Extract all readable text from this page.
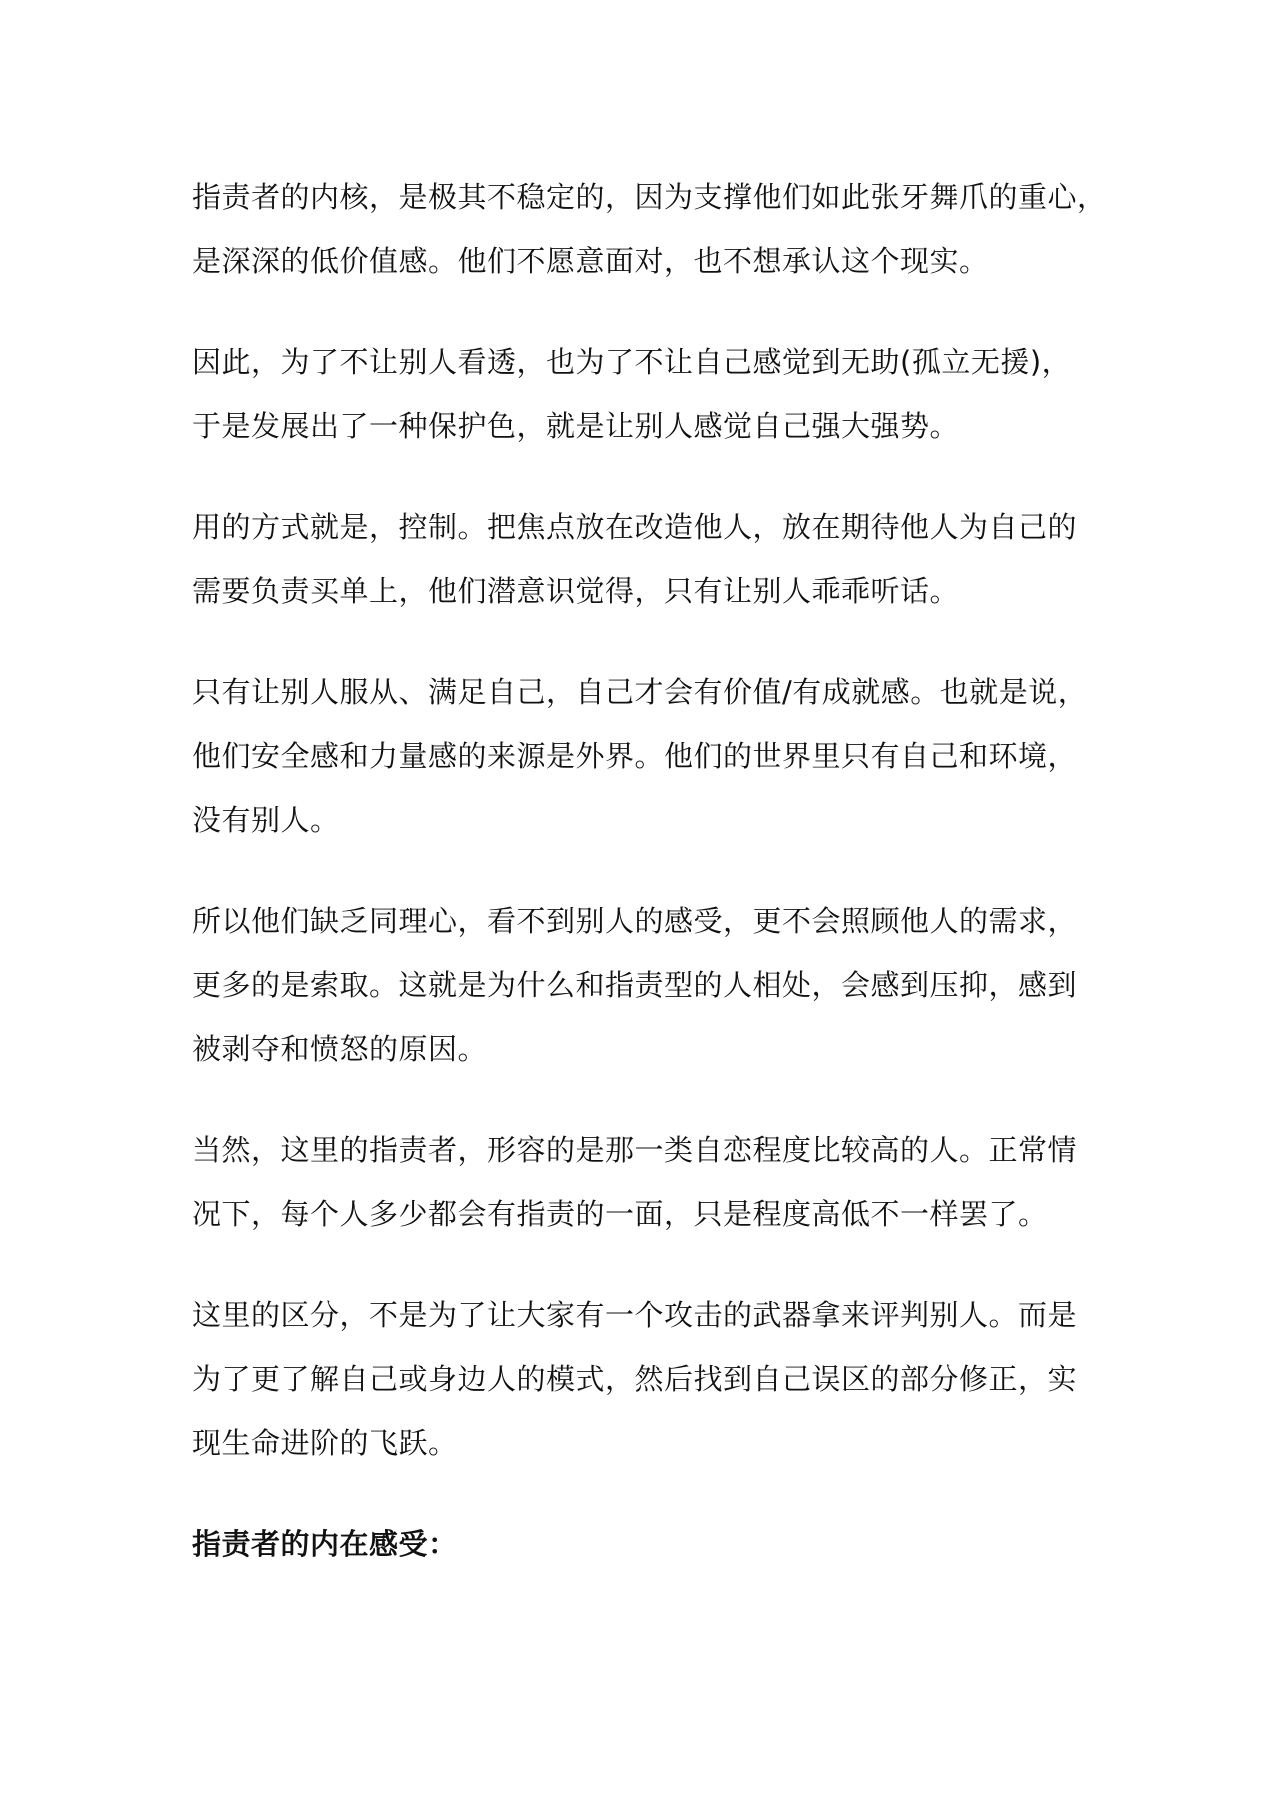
指责者的内核，是极其不稳定的，因为支撑他们如此张牙舞爪的重心，
是深深的低价值感。他们不愿意面对，也不想承认这个现实。

因此，为了不让别人看透，也为了不让自己感觉到无助(孤立无援)，
于是发展出了一种保护色，就是让别人感觉自己强大强势。

用的方式就是，控制。把焦点放在改造他人，放在期待他人为自己的
需要负责买单上，他们潜意识觉得，只有让别人乖乖听话。

只有让别人服从、满足自己，自己才会有价值/有成就感。也就是说，
他们安全感和力量感的来源是外界。他们的世界里只有自己和环境，
没有别人。

所以他们缺乏同理心，看不到别人的感受，更不会照顾他人的需求，
更多的是索取。这就是为什么和指责型的人相处，会感到压抑，感到
被剥夺和愤怒的原因。

当然，这里的指责者，形容的是那一类自恋程度比较高的人。正常情
况下，每个人多少都会有指责的一面，只是程度高低不一样罢了。

这里的区分，不是为了让大家有一个攻击的武器拿来评判别人。而是
为了更了解自己或身边人的模式，然后找到自己误区的部分修正，实
现生命进阶的飞跃。

指责者的内在感受：
